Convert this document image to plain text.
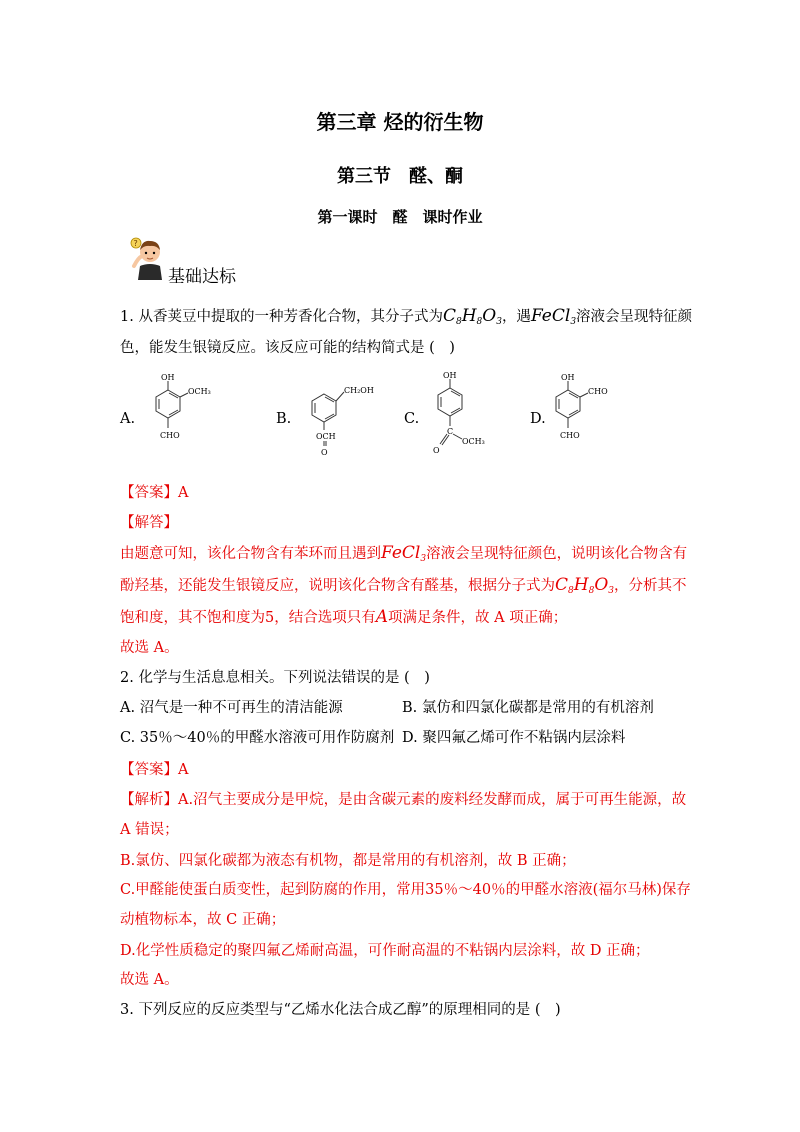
第三章 烃的衍生物
第三节　醛、酮
第一课时　醛　课时作业
?
基础达标
1. 从香荚豆中提取的一种芳香化合物，其分子式为$C_8H_8O_3$，遇FeCl$_3$溶液会呈现特征颜
色，能发生银镜反应。该反应可能的结构简式是 (　)
A.
OH
OCH₃
CHO
B.
CH₂OH
OCH
O
C.
OH
C
OCH₃
O
D.
OH
CHO
CHO
【答案】A
【解答】
由题意可知，该化合物含有苯环而且遇到FeCl$_3$溶液会呈现特征颜色，说明该化合物含有
酚羟基，还能发生银镜反应，说明该化合物含有醛基，根据分子式为$C_8H_8O_3$，分析其不
饱和度，其不饱和度为5，结合选项只有A项满足条件，故 A 项正确；
故选 A。
2. 化学与生活息息相关。下列说法错误的是 (　)
A. 沼气是一种不可再生的清洁能源	B. 氯仿和四氯化碳都是常用的有机溶剂
C. 35％～40％的甲醛水溶液可用作防腐剂 D. 聚四氟乙烯可作不粘锅内层涂料
【答案】A
【解析】A.沼气主要成分是甲烷，是由含碳元素的废料经发酵而成，属于可再生能源，故
A 错误；
B.氯仿、四氯化碳都为液态有机物，都是常用的有机溶剂，故 B 正确；
C.甲醛能使蛋白质变性，起到防腐的作用，常用35％～40％的甲醛水溶液(福尔马林)保存
动植物标本，故 C 正确；
D.化学性质稳定的聚四氟乙烯耐高温，可作耐高温的不粘锅内层涂料，故 D 正确；
故选 A。
3. 下列反应的反应类型与“乙烯水化法合成乙醇”的原理相同的是 (　)
